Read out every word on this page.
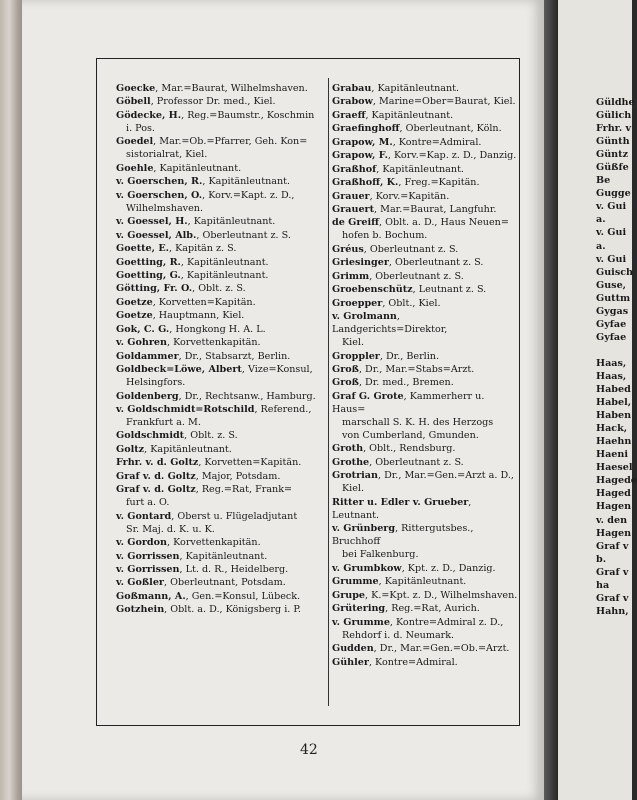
Güldhe
Gülich
Frhr. v
Günth
Güntz
Güßfe
Be
Gugge
v. Gui
a.
v. Gui
a.
v. Gui
Guisch
Guse,
Guttm
Gygas
Gyfae
Gyfae

Haas,
Haas,
Habed
Habel,
Haben
Hack,
Haehn
Haeni
Haesel
Hagede
Haged
Hagen
v. den
Hagen
Graf v
b.
Graf v
ha
Graf v
Hahn,
Goecke, Mar.=Baurat, Wilhelmshaven.
Göbell, Professor Dr. med., Kiel.
Gödecke, H., Reg.=Baumstr., Koschmin
i. Pos.
Goedel, Mar.=Ob.=Pfarrer, Geh. Kon=
sistorialrat, Kiel.
Goehle, Kapitänleutnant.
v. Goerschen, R., Kapitänleutnant.
v. Goerschen, O., Korv.=Kapt. z. D.,
Wilhelmshaven.
v. Goessel, H., Kapitänleutnant.
v. Goessel, Alb., Oberleutnant z. S.
Goette, E., Kapitän z. S.
Goetting, R., Kapitänleutnant.
Goetting, G., Kapitänleutnant.
Götting, Fr. O., Oblt. z. S.
Goetze, Korvetten=Kapitän.
Goetze, Hauptmann, Kiel.
Gok, C. G., Hongkong H. A. L.
v. Gohren, Korvettenkapitän.
Goldammer, Dr., Stabsarzt, Berlin.
Goldbeck=Löwe, Albert, Vize=Konsul,
Helsingfors.
Goldenberg, Dr., Rechtsanw., Hamburg.
v. Goldschmidt=Rotschild, Referend.,
Frankfurt a. M.
Goldschmidt, Oblt. z. S.
Goltz, Kapitänleutnant.
Frhr. v. d. Goltz, Korvetten=Kapitän.
Graf v. d. Goltz, Major, Potsdam.
Graf v. d. Goltz, Reg.=Rat, Frank=
furt a. O.
v. Gontard, Oberst u. Flügeladjutant
Sr. Maj. d. K. u. K.
v. Gordon, Korvettenkapitän.
v. Gorrissen, Kapitänleutnant.
v. Gorrissen, Lt. d. R., Heidelberg.
v. Goßler, Oberleutnant, Potsdam.
Goßmann, A., Gen.=Konsul, Lübeck.
Gotzhein, Oblt. a. D., Königsberg i. P.
Grabau, Kapitänleutnant.
Grabow, Marine=Ober=Baurat, Kiel.
Graeff, Kapitänleutnant.
Graefinghoff, Oberleutnant, Köln.
Grapow, M., Kontre=Admiral.
Grapow, F., Korv.=Kap. z. D., Danzig.
Graßhof, Kapitänleutnant.
Graßhoff, K., Freg.=Kapitän.
Grauer, Korv.=Kapitän.
Grauert, Mar.=Baurat, Langfuhr.
de Greiff, Oblt. a. D., Haus Neuen=
hofen b. Bochum.
Gréus, Oberleutnant z. S.
Griesinger, Oberleutnant z. S.
Grimm, Oberleutnant z. S.
Groebenschütz, Leutnant z. S.
Groepper, Oblt., Kiel.
v. Grolmann, Landgerichts=Direktor,
Kiel.
Groppler, Dr., Berlin.
Groß, Dr., Mar.=Stabs=Arzt.
Groß, Dr. med., Bremen.
Graf G. Grote, Kammerherr u. Haus=
marschall S. K. H. des Herzogs
von Cumberland, Gmunden.
Groth, Oblt., Rendsburg.
Grothe, Oberleutnant z. S.
Grotrian, Dr., Mar.=Gen.=Arzt a. D.,
Kiel.
Ritter u. Edler v. Grueber, Leutnant.
v. Grünberg, Rittergutsbes., Bruchhoff
bei Falkenburg.
v. Grumbkow, Kpt. z. D., Danzig.
Grumme, Kapitänleutnant.
Grupe, K.=Kpt. z. D., Wilhelmshaven.
Grütering, Reg.=Rat, Aurich.
v. Grumme, Kontre=Admiral z. D.,
Rehdorf i. d. Neumark.
Gudden, Dr., Mar.=Gen.=Ob.=Arzt.
Gühler, Kontre=Admiral.
42
